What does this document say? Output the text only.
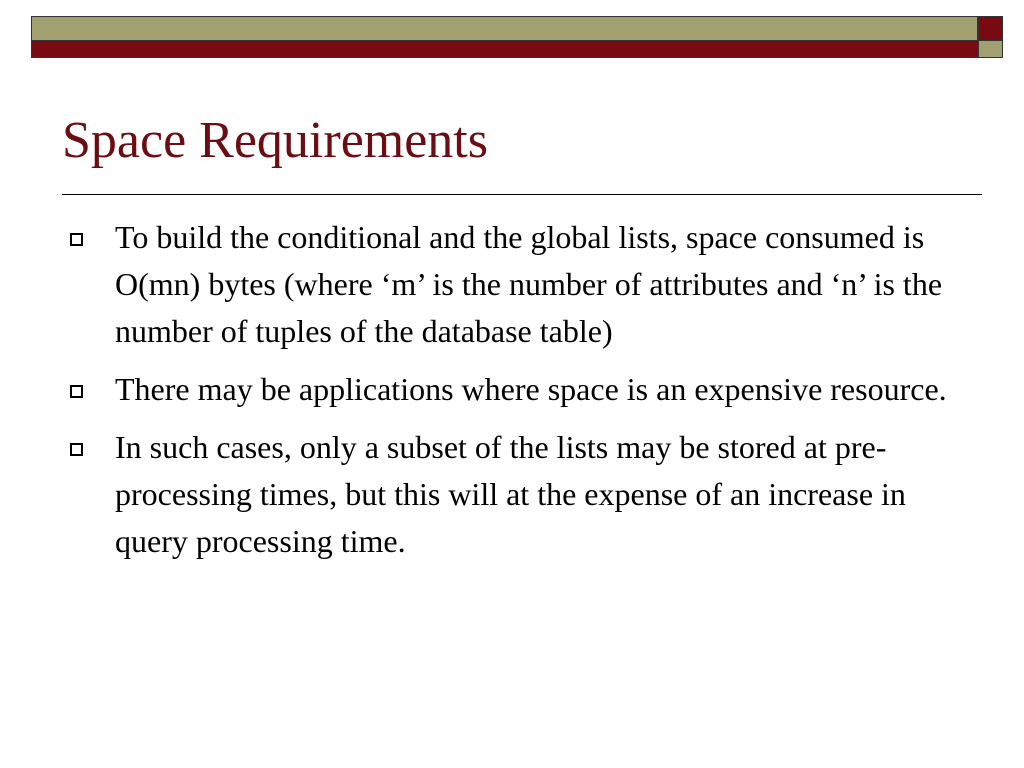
Space Requirements
To build the conditional and the global lists, space consumed is O(mn) bytes (where ‘m’ is the number of attributes and ‘n’ is the number of tuples of the database table)
There may be applications where space is an expensive resource.
In such cases, only a subset of the lists may be stored at pre-processing times, but this will at the expense of an increase in query processing time.
